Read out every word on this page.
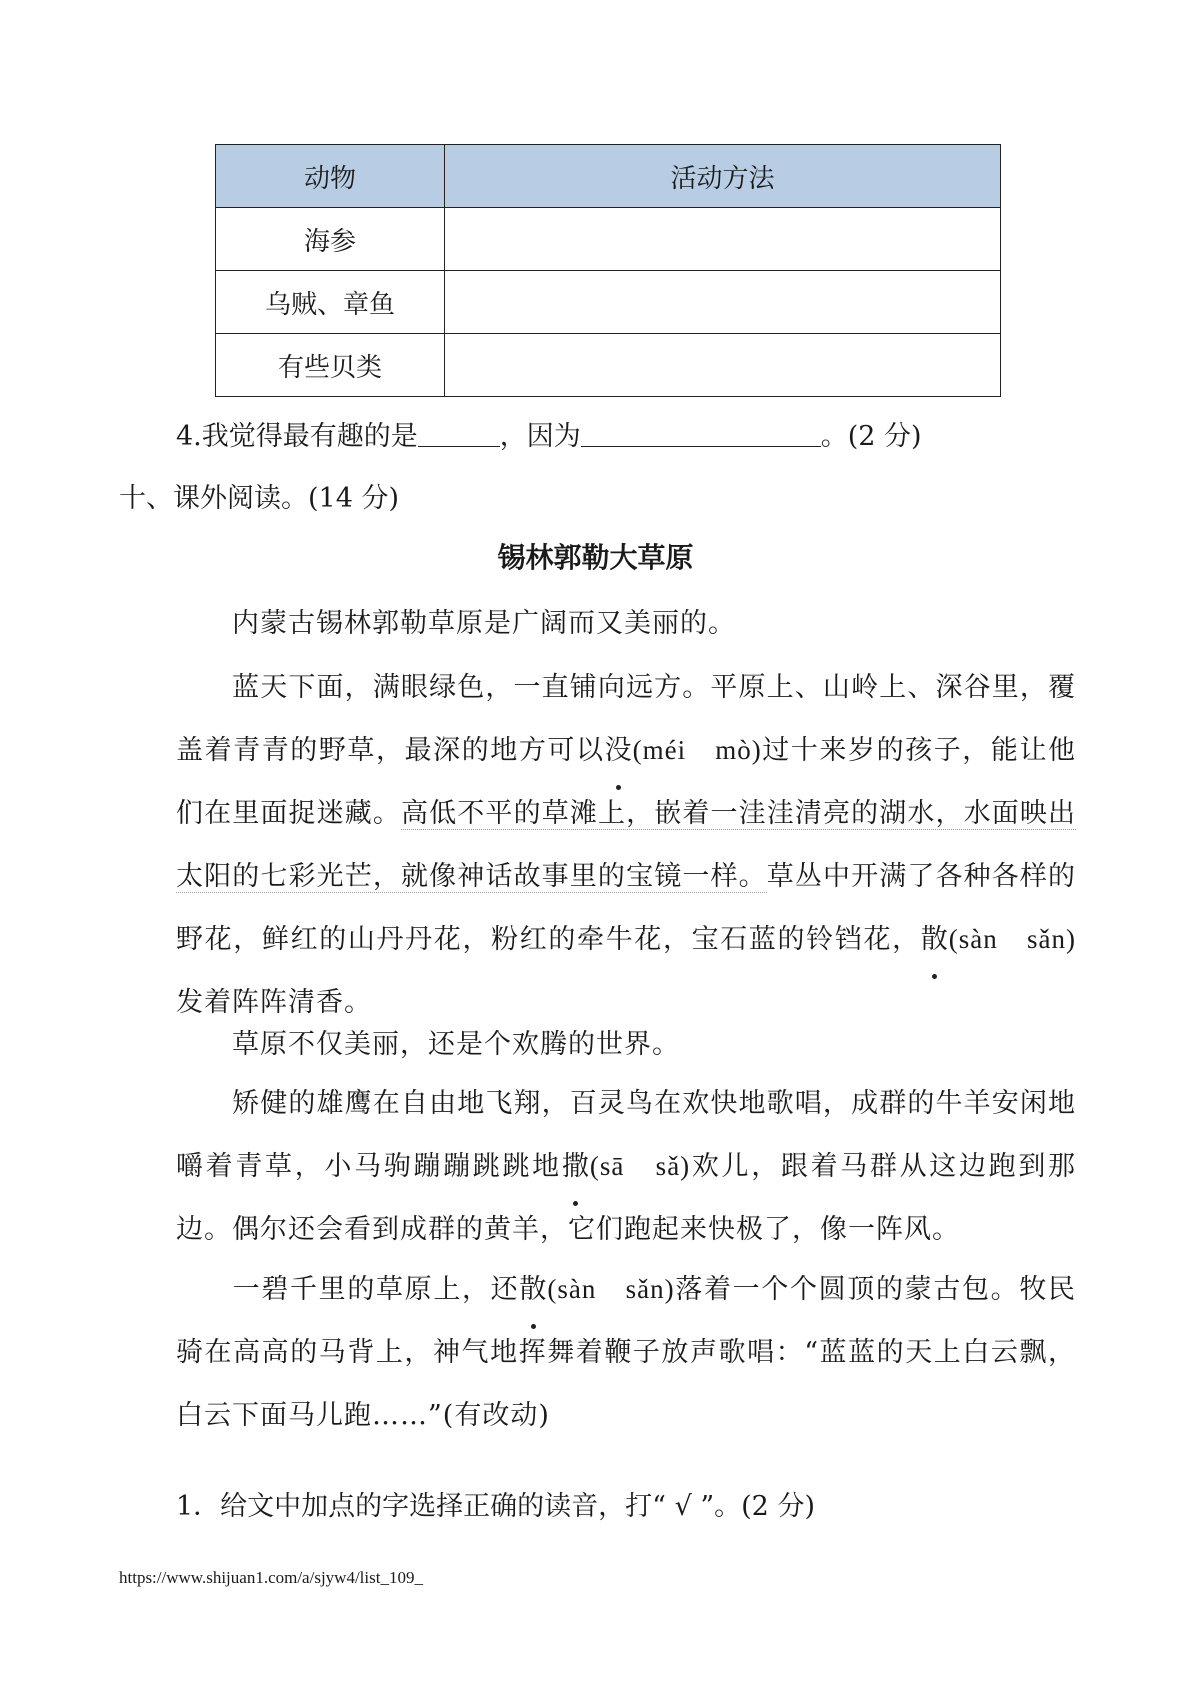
动物	活动方法
海参	
乌贼、章鱼	
有些贝类	
4.我觉得最有趣的是	，因为	。(2 分)
十、课外阅读。(14 分)
锡林郭勒大草原
内蒙古锡林郭勒草原是广阔而又美丽的。
蓝天下面，满眼绿色，一直铺向远方。平原上、山岭上、深谷里，覆盖着青青的野草，最深的地方可以没(méi　mò)过十来岁的孩子，能让他们在里面捉迷藏。高低不平的草滩上，嵌着一洼洼清亮的湖水，水面映出太阳的七彩光芒，就像神话故事里的宝镜一样。草丛中开满了各种各样的野花，鲜红的山丹丹花，粉红的牵牛花，宝石蓝的铃铛花，散(sàn　sǎn)发着阵阵清香。
草原不仅美丽，还是个欢腾的世界。
矫健的雄鹰在自由地飞翔，百灵鸟在欢快地歌唱，成群的牛羊安闲地嚼着青草，小马驹蹦蹦跳跳地撒(sā　sǎ)欢儿，跟着马群从这边跑到那边。偶尔还会看到成群的黄羊，它们跑起来快极了，像一阵风。
一碧千里的草原上，还散(sàn　sǎn)落着一个个圆顶的蒙古包。牧民骑在高高的马背上，神气地挥舞着鞭子放声歌唱：“蓝蓝的天上白云飘，白云下面马儿跑……”(有改动)
1．给文中加点的字选择正确的读音，打“ √ ”。(2 分)
https://www.shijuan1.com/a/sjyw4/list_109_
